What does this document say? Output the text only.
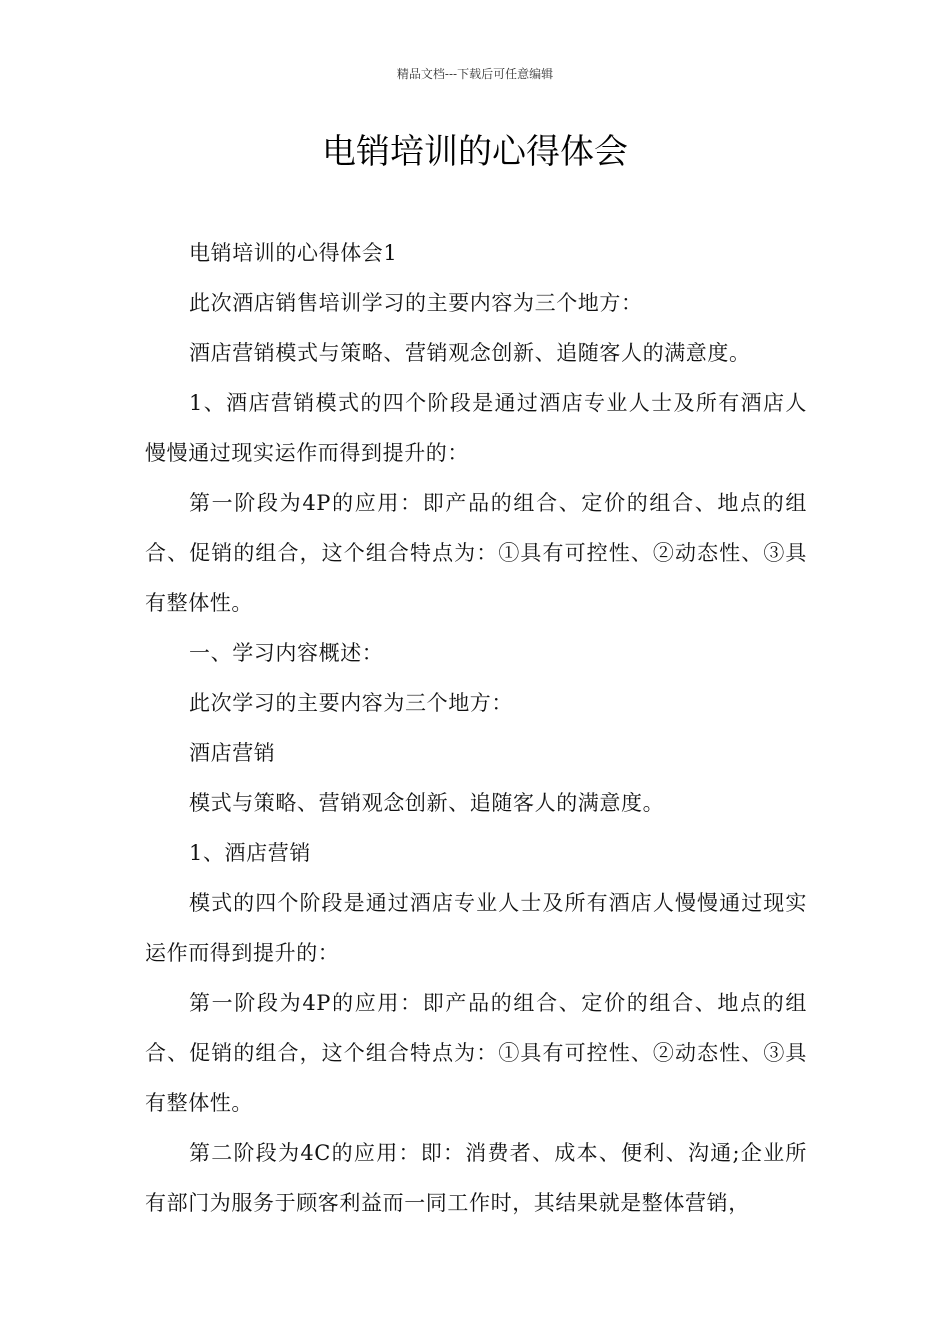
精品文档---下载后可任意编辑
电销培训的心得体会

电销培训的心得体会1

此次酒店销售培训学习的主要内容为三个地方：

酒店营销模式与策略、营销观念创新、追随客人的满意度。

1、酒店营销模式的四个阶段是通过酒店专业人士及所有酒店人慢慢通过现实运作而得到提升的：

第一阶段为4P的应用：即产品的组合、定价的组合、地点的组合、促销的组合，这个组合特点为：①具有可控性、②动态性、③具有整体性。

一、学习内容概述：

此次学习的主要内容为三个地方：

酒店营销

模式与策略、营销观念创新、追随客人的满意度。

1、酒店营销

模式的四个阶段是通过酒店专业人士及所有酒店人慢慢通过现实运作而得到提升的：

第一阶段为4P的应用：即产品的组合、定价的组合、地点的组合、促销的组合，这个组合特点为：①具有可控性、②动态性、③具有整体性。

第二阶段为4C的应用：即：消费者、成本、便利、沟通;企业所有部门为服务于顾客利益而一同工作时，其结果就是整体营销，
